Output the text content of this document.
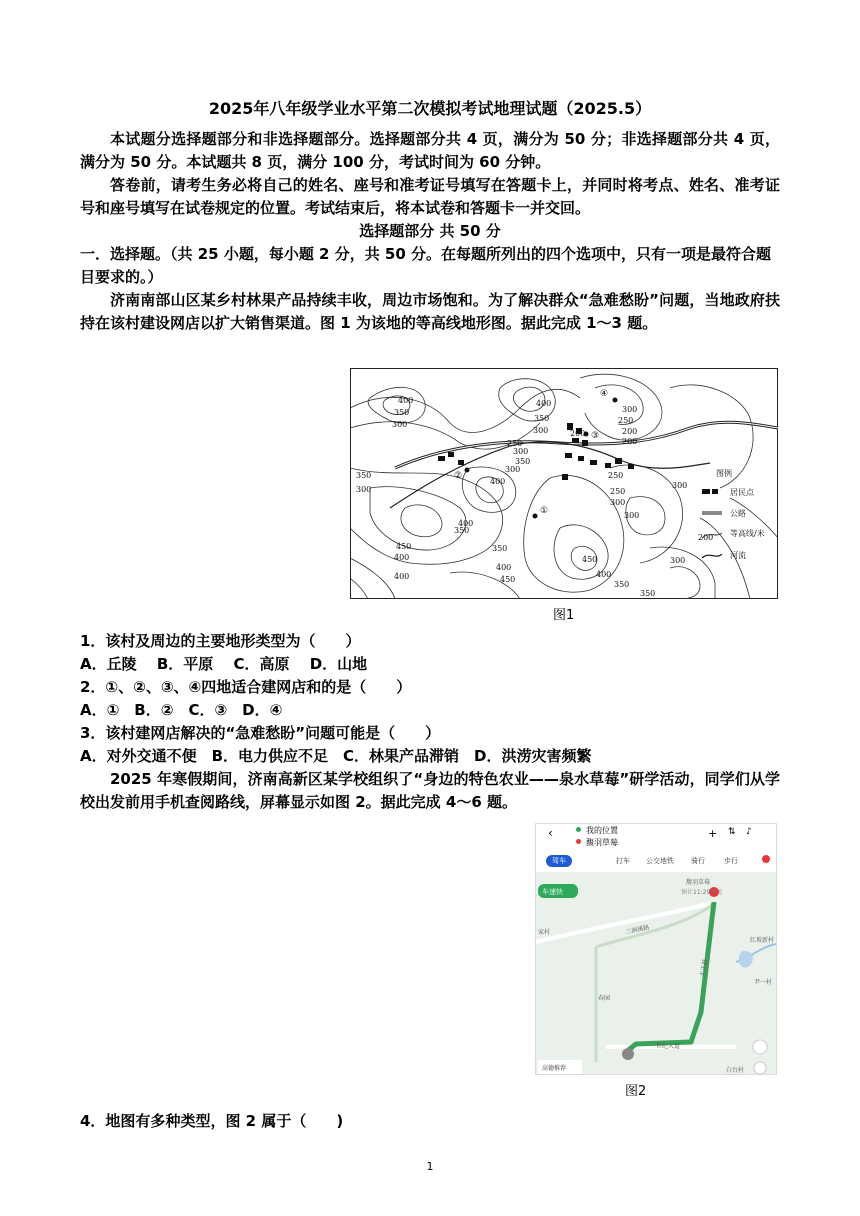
2025年八年级学业水平第二次模拟考试地理试题（2025.5）
本试题分选择题部分和非选择题部分。选择题部分共 4 页，满分为 50 分；非选择题部分共 4 页，满分为 50 分。本试题共 8 页，满分 100 分，考试时间为 60 分钟。
答卷前，请考生务必将自己的姓名、座号和准考证号填写在答题卡上，并同时将考点、姓名、准考证号和座号填写在试卷规定的位置。考试结束后，将本试卷和答题卡一并交回。
选择题部分 共 50 分
一．选择题。（共 25 小题，每小题 2 分，共 50 分。在每题所列出的四个选项中，只有一项是最符合题目要求的。）
济南南部山区某乡村林果产品持续丰收，周边市场饱和。为了解决群众“急难愁盼”问题，当地政府扶持在该村建设网店以扩大销售渠道。图 1 为该地的等高线地形图。据此完成 1～3 题。
400
350
300
400
350
300
250
200
300
250
200
300
350
300
250
300
400	300
350
400
350
400
450
400
350
250
300
300
400
350
450
300
450
400
350
200
①
②
③
④
图例
居民点
公路
200 等高线/米
河流
图1
1．该村及周边的主要地形类型为（　　）
A．丘陵　 B．平原　 C．高原　 D．山地
2．①、②、③、④四地适合建网店和的是（　　）
A．①　B．②　C．③　D．④
3．该村建网店解决的“急难愁盼”问题可能是（　　）
A．对外交通不便　B．电力供应不足　C．林果产品滞销　D．洪涝灾害频繁
2025 年寒假期间，济南高新区某学校组织了“身边的特色农业——泉水草莓”研学活动，同学们从学校出发前用手机查阅路线，屏幕显示如图 2。据此完成 4～6 题。
‹	我的位置
馥羽草莓
+ ⇅ ♪
驾车	打车 公交地铁 骑行	步行
馥羽草莓
预计11:29到达
世纪大道
大正路
三涧溪路
家村
春园
红坡新村
尹一村
白台村
车速快
高德推荐
图2
4．地图有多种类型，图 2 属于（　　)
1
